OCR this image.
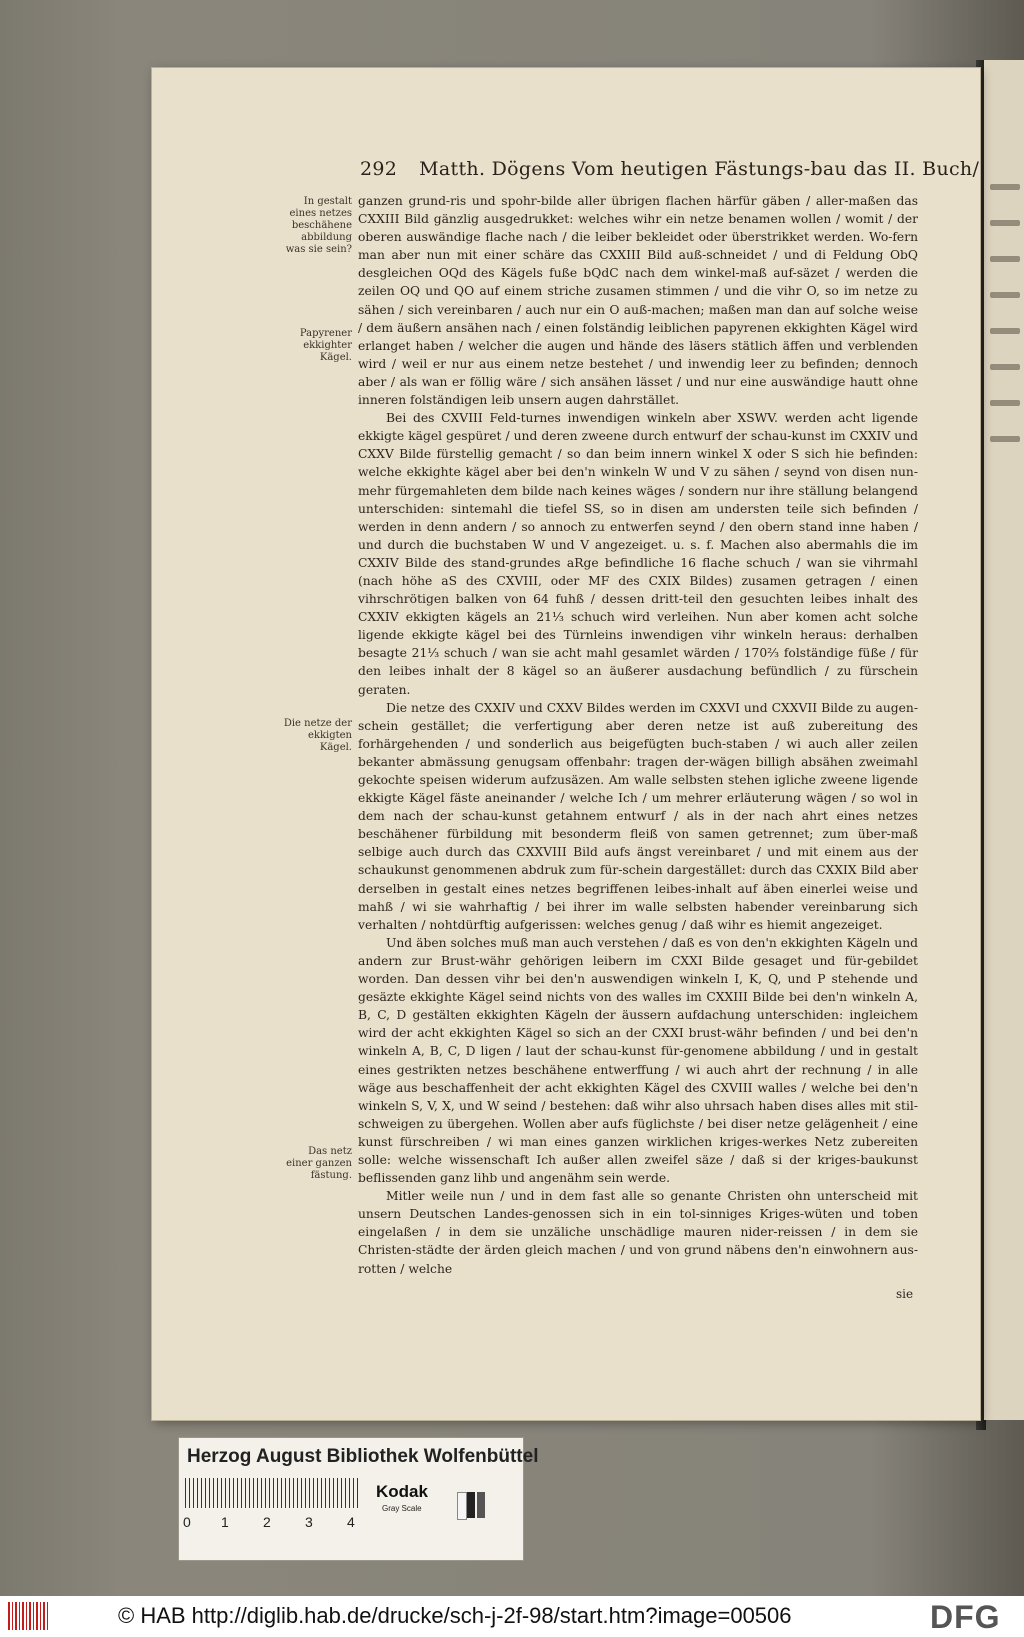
292 Matth. Dögens Vom heutigen Fästungs-bau das II. Buch/
In gestalt eines netzes beschähene abbildung was sie sein?
Papyrener ekkighter Kägel.
Die netze der ekkigten Kägel.
Das netz einer ganzen fästung.

ganzen grund-ris und spohr-bilde aller übrigen flachen härfür gäben / aller-maßen das CXXIII Bild gänzlig ausgedrukket: welches wihr ein netze benamen wollen / womit / der oberen auswändige flache nach / die leiber bekleidet oder überstrikket werden. Wo-fern man aber nun mit einer schäre das CXXIII Bild auß-schneidet / und di Feldung ObQ desgleichen OQd des Kägels fuße bQdC nach dem winkel-maß auf-säzet / werden die zeilen OQ und QO auf einem striche zusamen stimmen / und die vihr O, so im netze zu sähen / sich vereinbaren / auch nur ein O auß-machen; maßen man dan auf solche weise / dem äußern ansähen nach / einen folständig leiblichen papyrenen ekkighten Kägel wird erlanget haben / welcher die augen und hände des läsers stätlich äffen und verblenden wird / weil er nur aus einem netze bestehet / und inwendig leer zu befinden; dennoch aber / als wan er föllig wäre / sich ansähen lässet / und nur eine auswändige hautt ohne inneren folständigen leib unsern augen dahrstället.

Bei des CXVIII Feld-turnes inwendigen winkeln aber XSWV. werden acht ligende ekkigte kägel gespüret / und deren zweene durch entwurf der schau-kunst im CXXIV und CXXV Bilde fürstellig gemacht / so dan beim innern winkel X oder S sich hie befinden: welche ekkighte kägel aber bei den'n winkeln W und V zu sähen / seynd von disen nun-mehr fürgemahleten dem bilde nach keines wäges / sondern nur ihre ställung belangend unterschiden: sintemahl die tiefel SS, so in disen am understen teile sich befinden / werden in denn andern / so annoch zu entwerfen seynd / den obern stand inne haben / und durch die buchstaben W und V angezeiget. u. s. f. Machen also abermahls die im CXXIV Bilde des stand-grundes aRge befindliche 16 flache schuch / wan sie vihrmahl (nach höhe aS des CXVIII, oder MF des CXIX Bildes) zusamen getragen / einen vihrschrötigen balken von 64 fuhß / dessen dritt-teil den gesuchten leibes inhalt des CXXIV ekkigten kägels an 21⅓ schuch wird verleihen. Nun aber komen acht solche ligende ekkigte kägel bei des Türnleins inwendigen vihr winkeln heraus: derhalben besagte 21⅓ schuch / wan sie acht mahl gesamlet wärden / 170⅔ folständige füße / für den leibes inhalt der 8 kägel so an äußerer ausdachung befündlich / zu fürschein geraten.

Die netze des CXXIV und CXXV Bildes werden im CXXVI und CXXVII Bilde zu augen-schein gestället; die verfertigung aber deren netze ist auß zubereitung des forhärgehenden / und sonderlich aus beigefügten buch-staben / wi auch aller zeilen bekanter abmässung genugsam offenbahr: tragen der-wägen billigh absähen zweimahl gekochte speisen widerum aufzusäzen. Am walle selbsten stehen igliche zweene ligende ekkigte Kägel fäste aneinander / welche Ich / um mehrer erläuterung wägen / so wol in dem nach der schau-kunst getahnem entwurf / als in der nach ahrt eines netzes beschähener fürbildung mit besonderm fleiß von samen getrennet; zum über-maß selbige auch durch das CXXVIII Bild aufs ängst vereinbaret / und mit einem aus der schaukunst genommenen abdruk zum für-schein dargestället: durch das CXXIX Bild aber derselben in gestalt eines netzes begriffenen leibes-inhalt auf äben einerlei weise und mahß / wi sie wahrhaftig / bei ihrer im walle selbsten habender vereinbarung sich verhalten / nohtdürftig aufgerissen: welches genug / daß wihr es hiemit angezeiget.

Und äben solches muß man auch verstehen / daß es von den'n ekkighten Kägeln und andern zur Brust-währ gehörigen leibern im CXXI Bilde gesaget und für-gebildet worden. Dan dessen vihr bei den'n auswendigen winkeln I, K, Q, und P stehende und gesäzte ekkighte Kägel seind nichts von des walles im CXXIII Bilde bei den'n winkeln A, B, C, D gestälten ekkighten Kägeln der äussern aufdachung unterschiden: ingleichem wird der acht ekkighten Kägel so sich an der CXXI brust-währ befinden / und bei den'n winkeln A, B, C, D ligen / laut der schau-kunst für-genomene abbildung / und in gestalt eines gestrikten netzes beschähene entwerffung / wi auch ahrt der rechnung / in alle wäge aus beschaffenheit der acht ekkighten Kägel des CXVIII walles / welche bei den'n winkeln S, V, X, und W seind / bestehen: daß wihr also uhrsach haben dises alles mit stil-schweigen zu übergehen. Wollen aber aufs füglichste / bei diser netze gelägenheit / eine kunst fürschreiben / wi man eines ganzen wirklichen kriges-werkes Netz zubereiten solle: welche wissenschaft Ich außer allen zweifel säze / daß si der kriges-baukunst beflissenden ganz lihb und angenähm sein werde.

Mitler weile nun / und in dem fast alle so genante Christen ohn unterscheid mit unsern Deutschen Landes-genossen sich in ein tol-sinniges Kriges-wüten und toben eingelaßen / in dem sie unzäliche unschädlige mauren nider-reissen / in dem sie Christen-städte der ärden gleich machen / und von grund näbens den'n einwohnern aus-rotten / welche

sie
Herzog August Bibliothek Wolfenbüttel
0 1 2 3 4
Kodak
Gray Scale
© HAB http://diglib.hab.de/drucke/sch-j-2f-98/start.htm?image=00506	DFG
